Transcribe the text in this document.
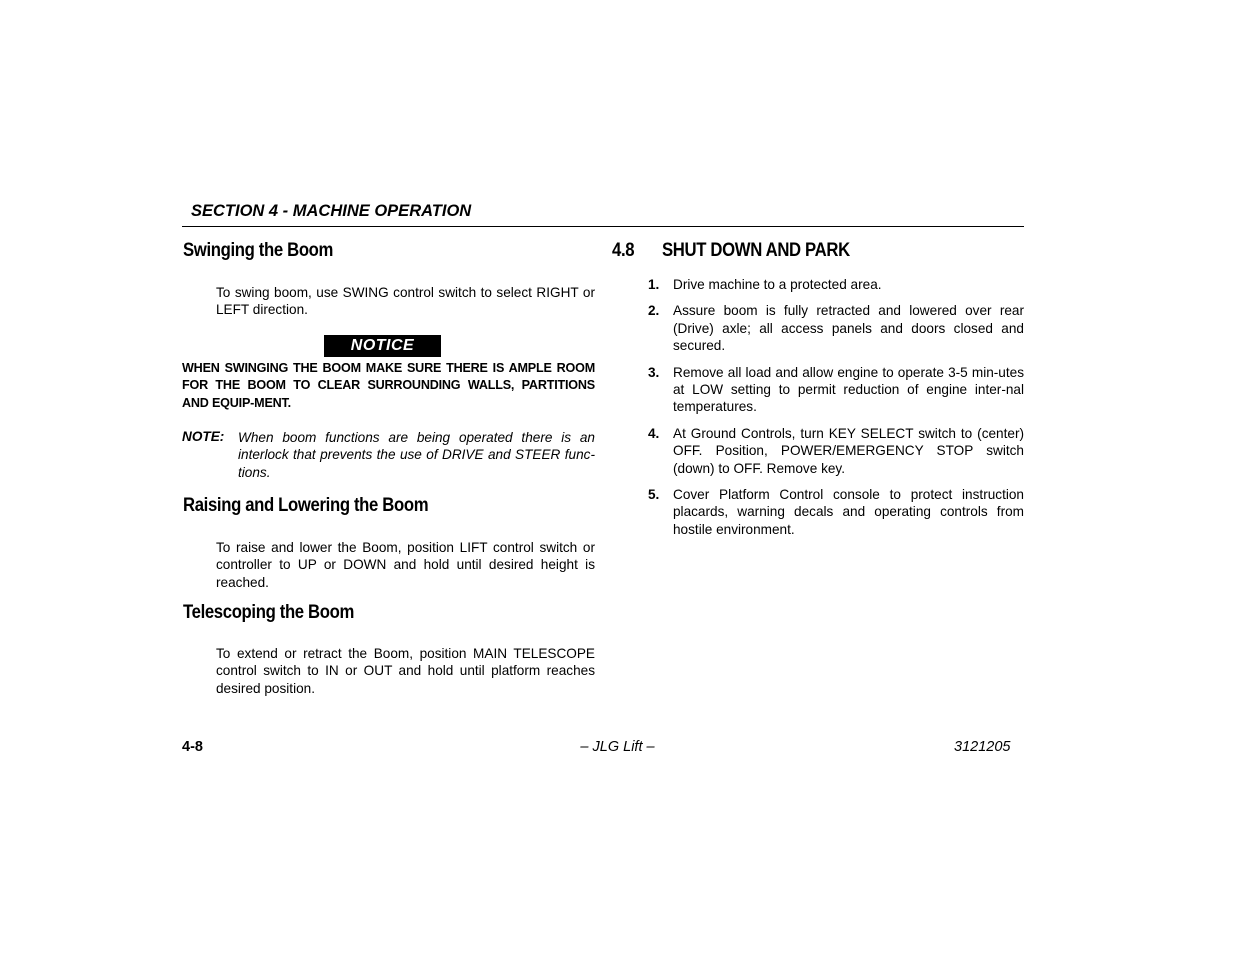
SECTION 4 - MACHINE OPERATION
Swinging the Boom
To swing boom, use SWING control switch to select RIGHT or LEFT direction.
NOTICE
WHEN SWINGING THE BOOM MAKE SURE THERE IS AMPLE ROOM FOR THE BOOM TO CLEAR SURROUNDING WALLS, PARTITIONS AND EQUIP-MENT.
NOTE: When boom functions are being operated there is an interlock that prevents the use of DRIVE and STEER func-tions.
Raising and Lowering the Boom
To raise and lower the Boom, position LIFT control switch or controller to UP or DOWN and hold until desired height is reached.
Telescoping the Boom
To extend or retract the Boom, position MAIN TELESCOPE control switch to IN or OUT and hold until platform reaches desired position.
4.8 SHUT DOWN AND PARK
1. Drive machine to a protected area.
2. Assure boom is fully retracted and lowered over rear (Drive) axle; all access panels and doors closed and secured.
3. Remove all load and allow engine to operate 3-5 min-utes at LOW setting to permit reduction of engine inter-nal temperatures.
4. At Ground Controls, turn KEY SELECT switch to (center) OFF. Position, POWER/EMERGENCY STOP switch (down) to OFF. Remove key.
5. Cover Platform Control console to protect instruction placards, warning decals and operating controls from hostile environment.
4-8	– JLG Lift –	3121205
